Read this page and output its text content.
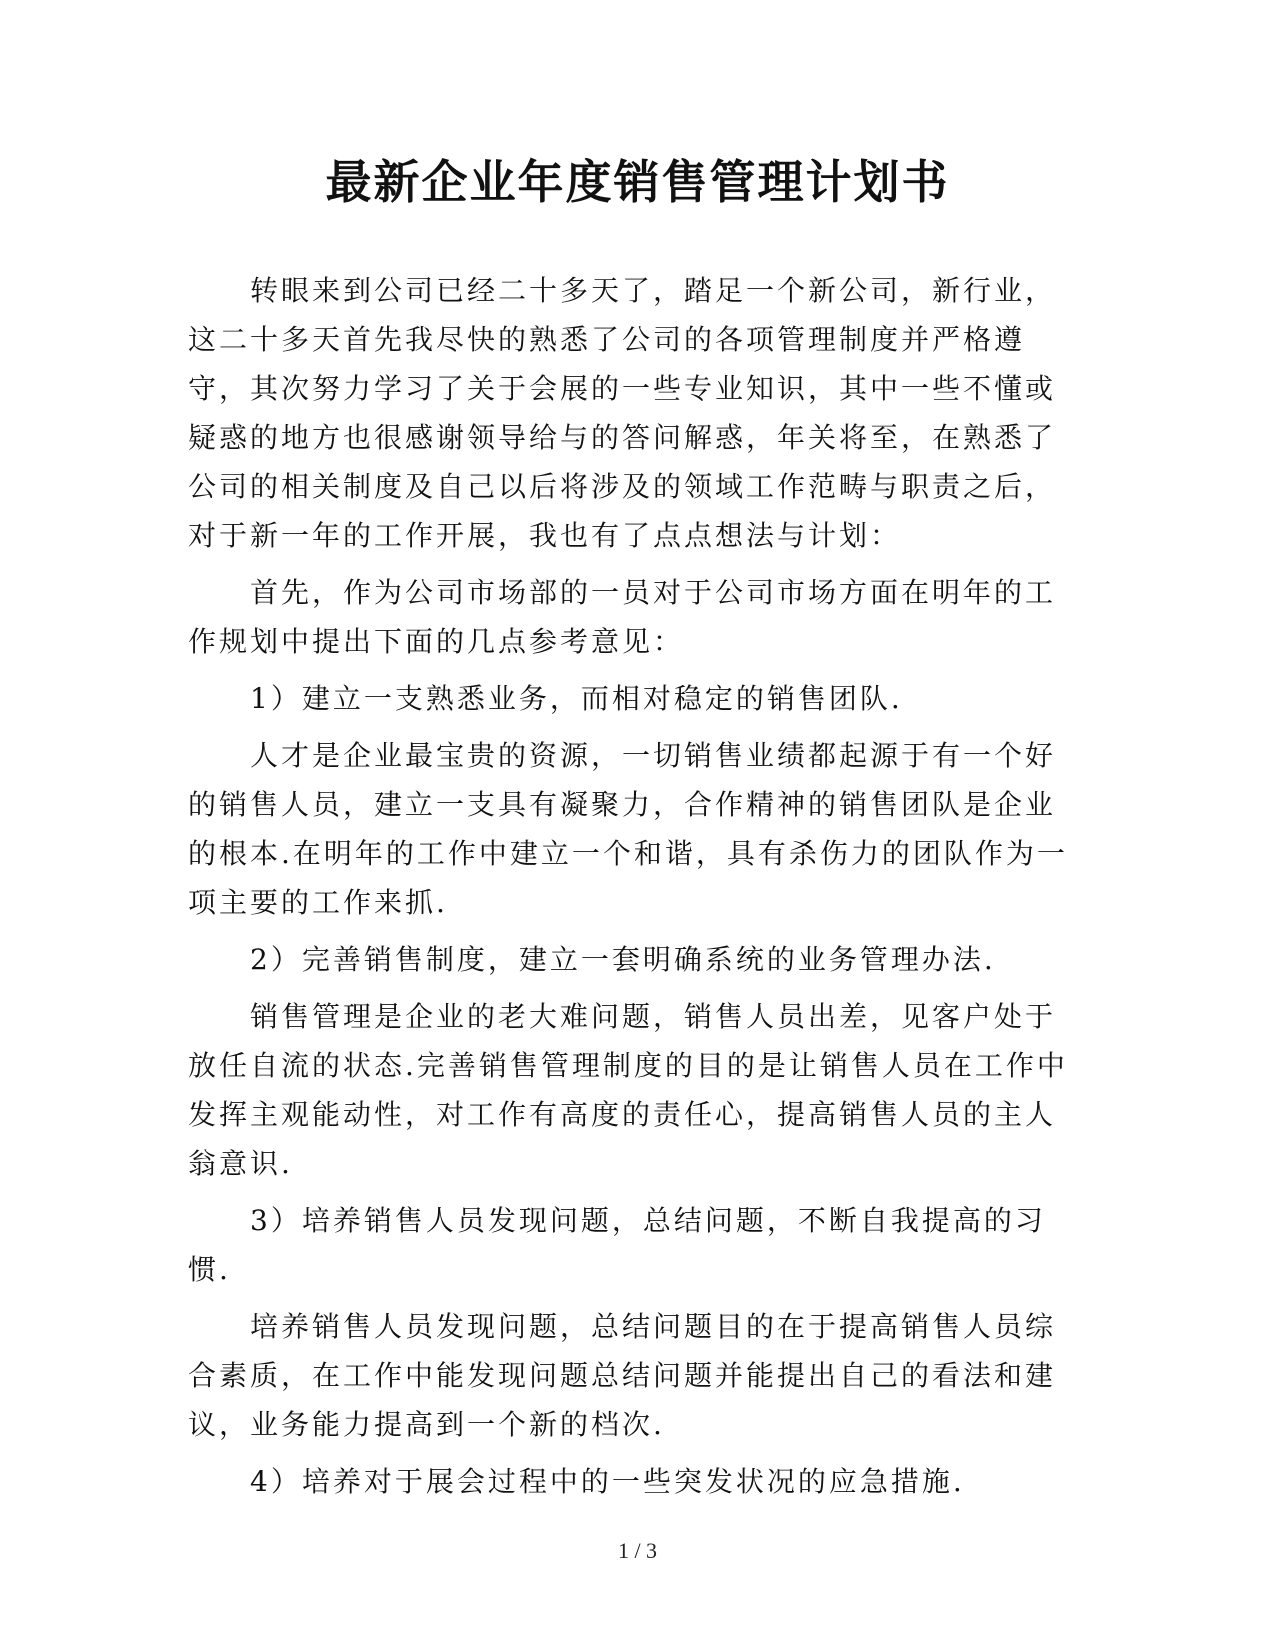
最新企业年度销售管理计划书

转眼来到公司已经二十多天了，踏足一个新公司，新行业，这二十多天首先我尽快的熟悉了公司的各项管理制度并严格遵守，其次努力学习了关于会展的一些专业知识，其中一些不懂或疑惑的地方也很感谢领导给与的答问解惑，年关将至，在熟悉了公司的相关制度及自己以后将涉及的领域工作范畴与职责之后，对于新一年的工作开展，我也有了点点想法与计划：

首先，作为公司市场部的一员对于公司市场方面在明年的工作规划中提出下面的几点参考意见：

1）建立一支熟悉业务，而相对稳定的销售团队.

人才是企业最宝贵的资源，一切销售业绩都起源于有一个好的销售人员，建立一支具有凝聚力，合作精神的销售团队是企业的根本.在明年的工作中建立一个和谐，具有杀伤力的团队作为一项主要的工作来抓.

2）完善销售制度，建立一套明确系统的业务管理办法.

销售管理是企业的老大难问题，销售人员出差，见客户处于放任自流的状态.完善销售管理制度的目的是让销售人员在工作中发挥主观能动性，对工作有高度的责任心，提高销售人员的主人翁意识.

3）培养销售人员发现问题，总结问题，不断自我提高的习惯.

培养销售人员发现问题，总结问题目的在于提高销售人员综合素质，在工作中能发现问题总结问题并能提出自己的看法和建议，业务能力提高到一个新的档次.

4）培养对于展会过程中的一些突发状况的应急措施.

1 / 3
